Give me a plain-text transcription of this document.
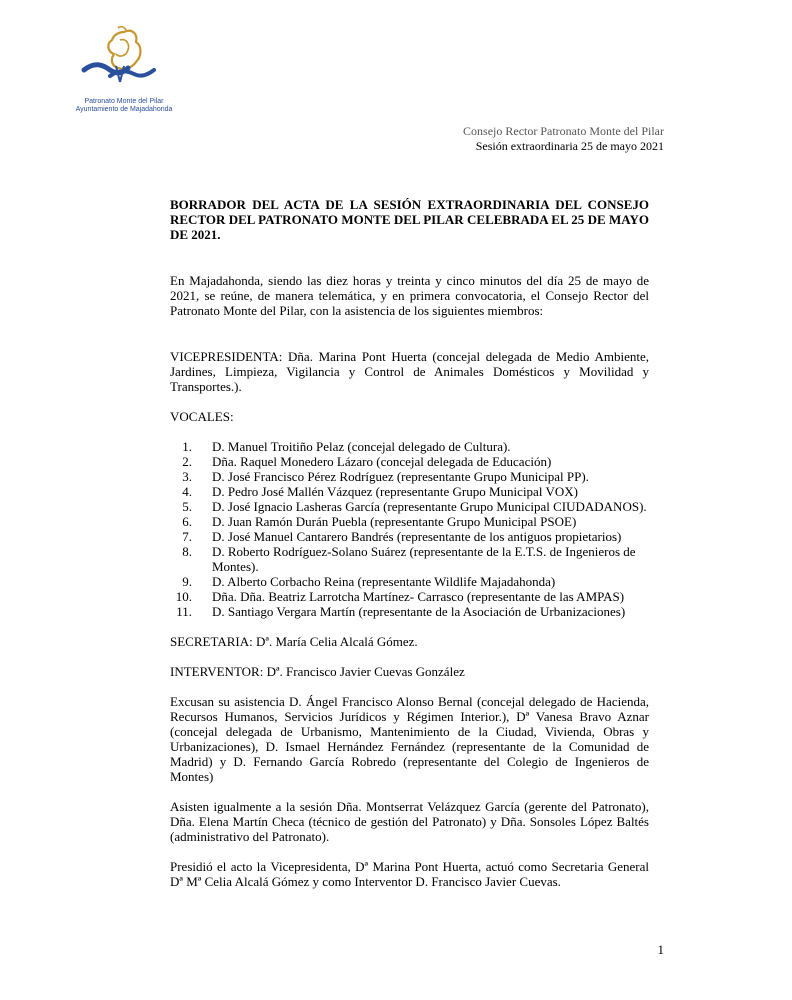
Patronato Monte del Pilar
Ayuntamiento de Majadahonda
Consejo Rector Patronato Monte del Pilar
Sesión extraordinaria 25 de mayo 2021

BORRADOR DEL ACTA DE LA SESIÓN EXTRAORDINARIA DEL CONSEJO RECTOR DEL PATRONATO MONTE DEL PILAR CELEBRADA EL 25 DE MAYO DE 2021.

En Majadahonda, siendo las diez horas y treinta y cinco minutos del día 25 de mayo de 2021, se reúne, de manera telemática, y en primera convocatoria, el Consejo Rector del Patronato Monte del Pilar, con la asistencia de los siguientes miembros:

VICEPRESIDENTA: Dña. Marina Pont Huerta (concejal delegada de Medio Ambiente, Jardines, Limpieza, Vigilancia y Control de Animales Domésticos y Movilidad y Transportes.).

VOCALES:

1.	D. Manuel Troitiño Pelaz (concejal delegado de Cultura).
2.	Dña. Raquel Monedero Lázaro (concejal delegada de Educación)
3.	D. José Francisco Pérez Rodríguez (representante Grupo Municipal PP).
4.	D. Pedro José Mallén Vázquez (representante Grupo Municipal VOX)
5.	D. José Ignacio Lasheras García (representante Grupo Municipal CIUDADANOS).
6.	D. Juan Ramón Durán Puebla (representante Grupo Municipal PSOE)
7.	D. José Manuel Cantarero Bandrés (representante de los antiguos propietarios)
8.	D. Roberto Rodríguez-Solano Suárez (representante de la E.T.S. de Ingenieros de Montes).
9.	D. Alberto Corbacho Reina (representante Wildlife Majadahonda)
10.	Dña. Dña. Beatriz Larrotcha Martínez- Carrasco (representante de las AMPAS)
11.	D. Santiago Vergara Martín (representante de la Asociación de Urbanizaciones)

SECRETARIA: Dª. María Celia Alcalá Gómez.

INTERVENTOR: Dª. Francisco Javier Cuevas González

Excusan su asistencia D. Ángel Francisco Alonso Bernal (concejal delegado de Hacienda, Recursos Humanos, Servicios Jurídicos y Régimen Interior.), Dª Vanesa Bravo Aznar (concejal delegada de Urbanismo, Mantenimiento de la Ciudad, Vivienda, Obras y Urbanizaciones), D. Ismael Hernández Fernández (representante de la Comunidad de Madrid) y D. Fernando García Robredo (representante del Colegio de Ingenieros de Montes)

Asisten igualmente a la sesión Dña. Montserrat Velázquez García (gerente del Patronato), Dña. Elena Martín Checa (técnico de gestión del Patronato) y Dña. Sonsoles López Baltés (administrativo del Patronato).

Presidió el acto la Vicepresidenta, Dª Marina Pont Huerta, actuó como Secretaria General Dª Mª Celia Alcalá Gómez y como Interventor D. Francisco Javier Cuevas.

1
